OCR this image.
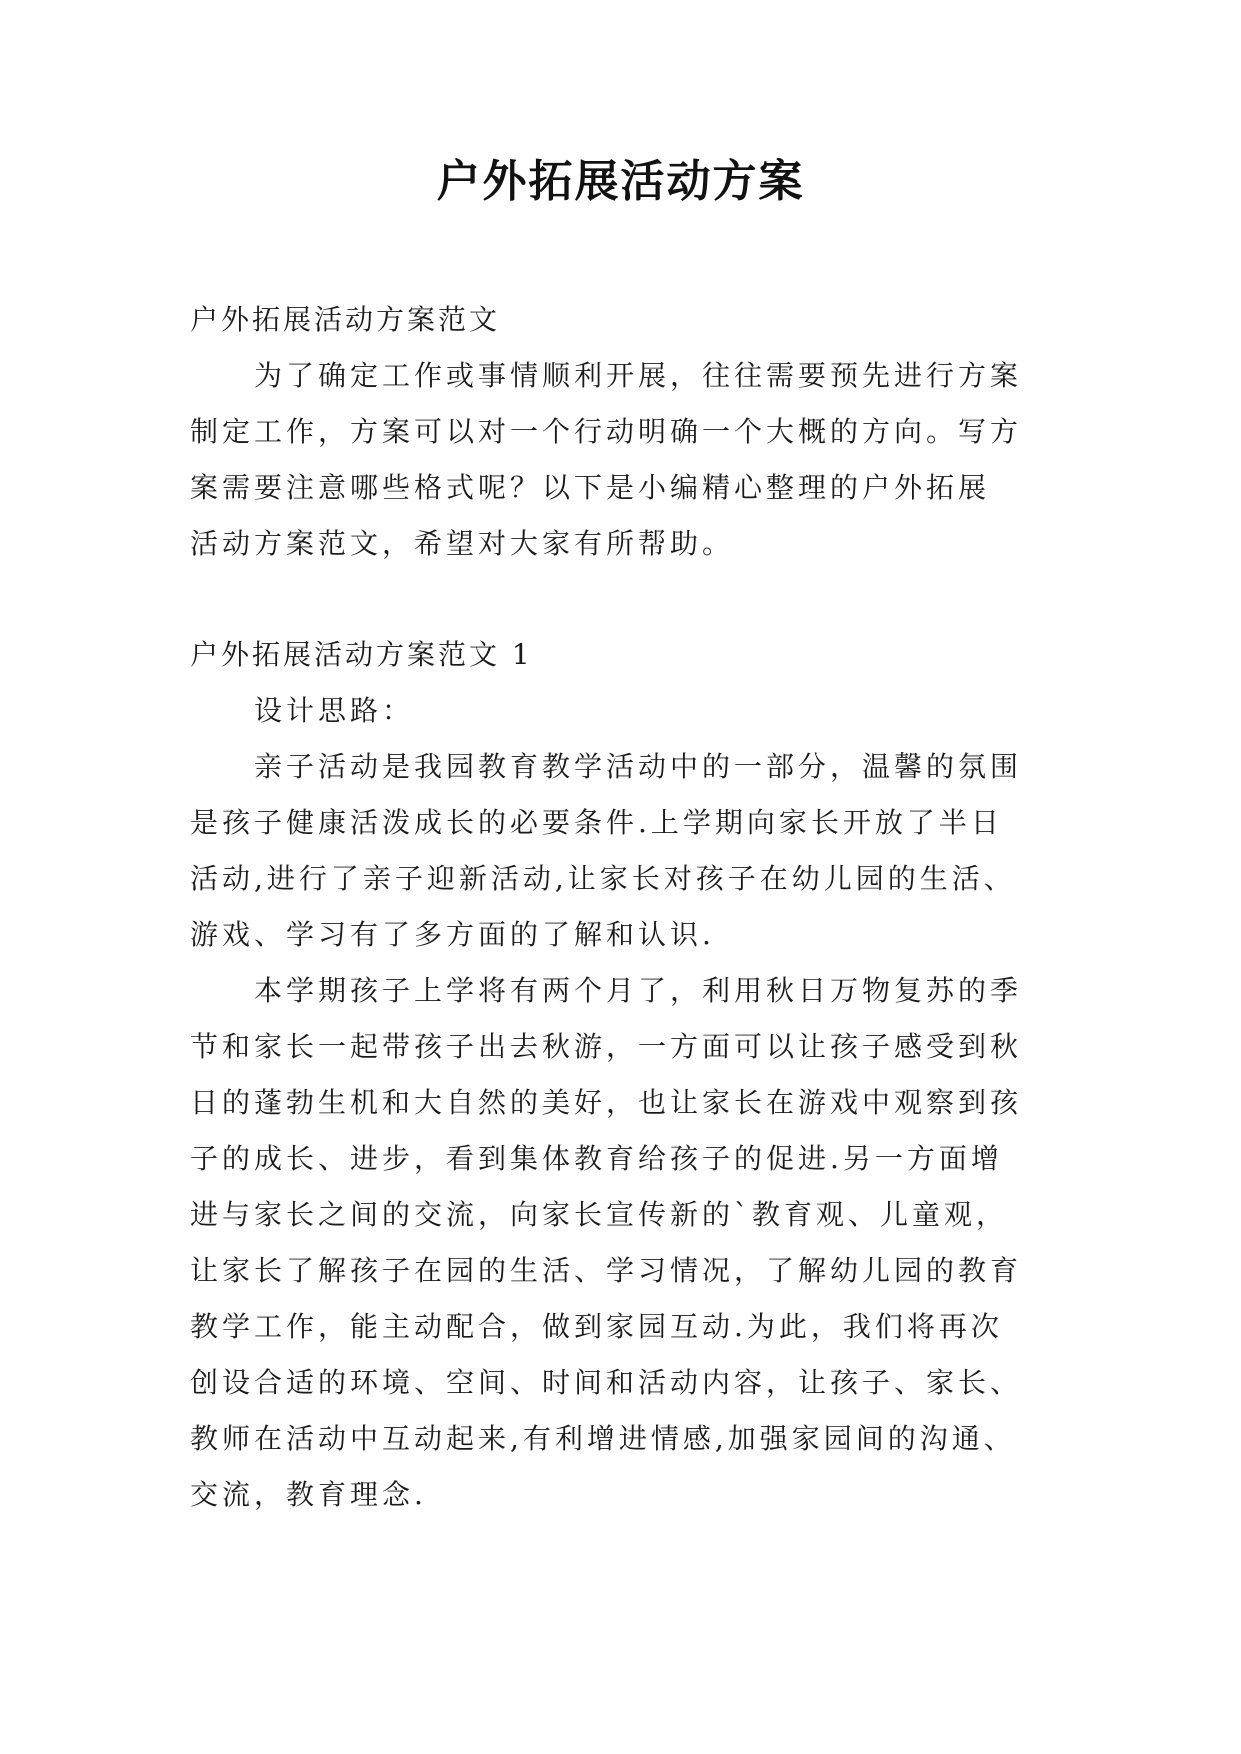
户外拓展活动方案
户外拓展活动方案范文
　　为了确定工作或事情顺利开展，往往需要预先进行方案
制定工作，方案可以对一个行动明确一个大概的方向。写方
案需要注意哪些格式呢？以下是小编精心整理的户外拓展
活动方案范文，希望对大家有所帮助。
户外拓展活动方案范文 1
　　设计思路：
　　亲子活动是我园教育教学活动中的一部分，温馨的氛围
是孩子健康活泼成长的必要条件.上学期向家长开放了半日
活动,进行了亲子迎新活动,让家长对孩子在幼儿园的生活、
游戏、学习有了多方面的了解和认识.
　　本学期孩子上学将有两个月了，利用秋日万物复苏的季
节和家长一起带孩子出去秋游，一方面可以让孩子感受到秋
日的蓬勃生机和大自然的美好，也让家长在游戏中观察到孩
子的成长、进步，看到集体教育给孩子的促进.另一方面增
进与家长之间的交流，向家长宣传新的`教育观、儿童观，
让家长了解孩子在园的生活、学习情况，了解幼儿园的教育
教学工作，能主动配合，做到家园互动.为此，我们将再次
创设合适的环境、空间、时间和活动内容，让孩子、家长、
教师在活动中互动起来,有利增进情感,加强家园间的沟通、
交流，教育理念.
